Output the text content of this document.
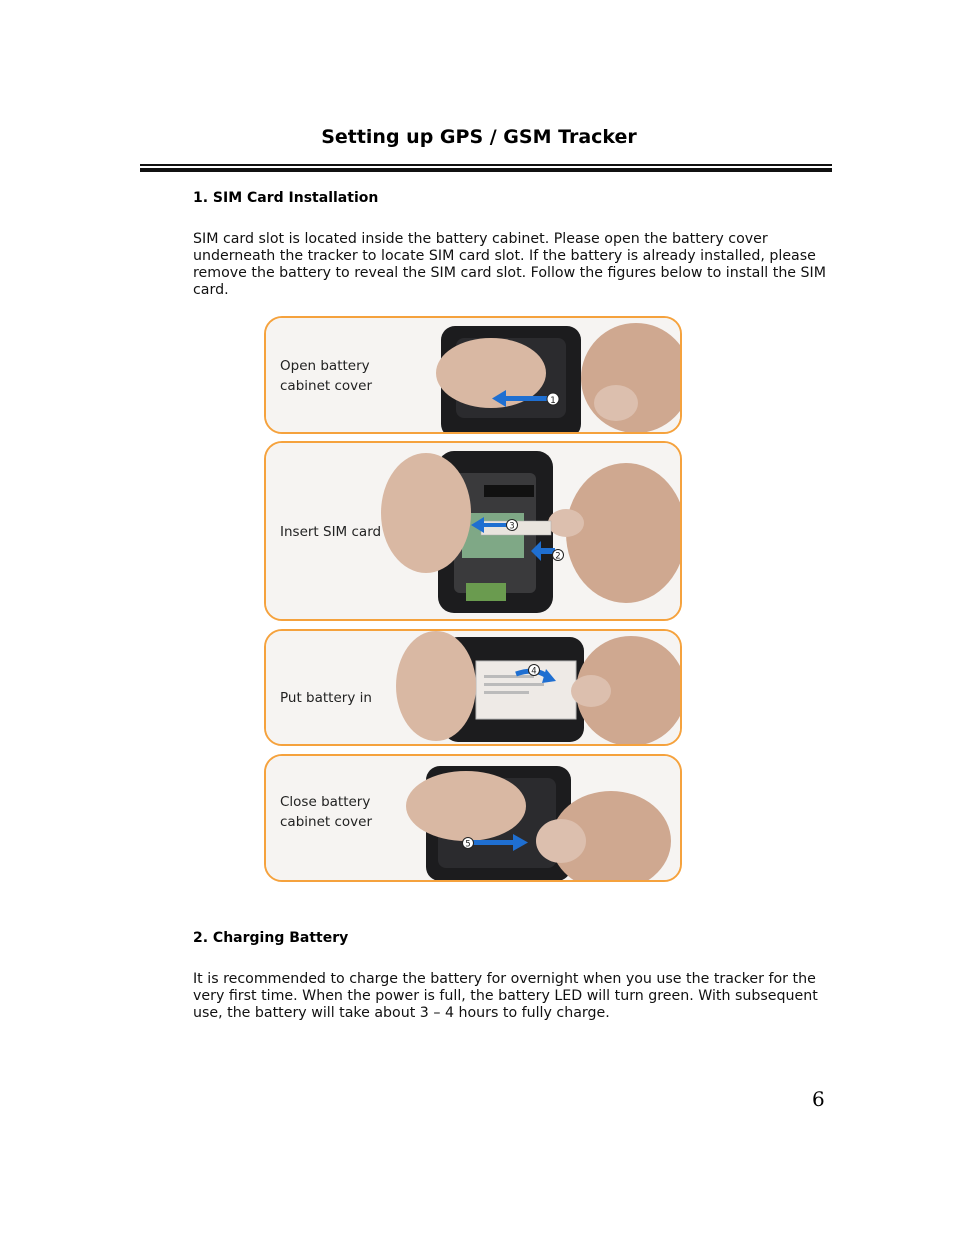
Setting up GPS / GSM Tracker
1. SIM Card Installation
SIM card slot is located inside the battery cabinet. Please open the battery cover underneath the tracker to locate SIM card slot. If the battery is already installed, please remove the battery to reveal the SIM card slot. Follow the figures below to install the SIM card.
1
Open battery cabinet cover
3
2
Insert SIM card
4
Put battery in
5
Close battery cabinet cover
2. Charging Battery
It is recommended to charge the battery for overnight when you use the tracker for the very first time. When the power is full, the battery LED will turn green. With subsequent use, the battery will take about 3 – 4 hours to fully charge.
6
